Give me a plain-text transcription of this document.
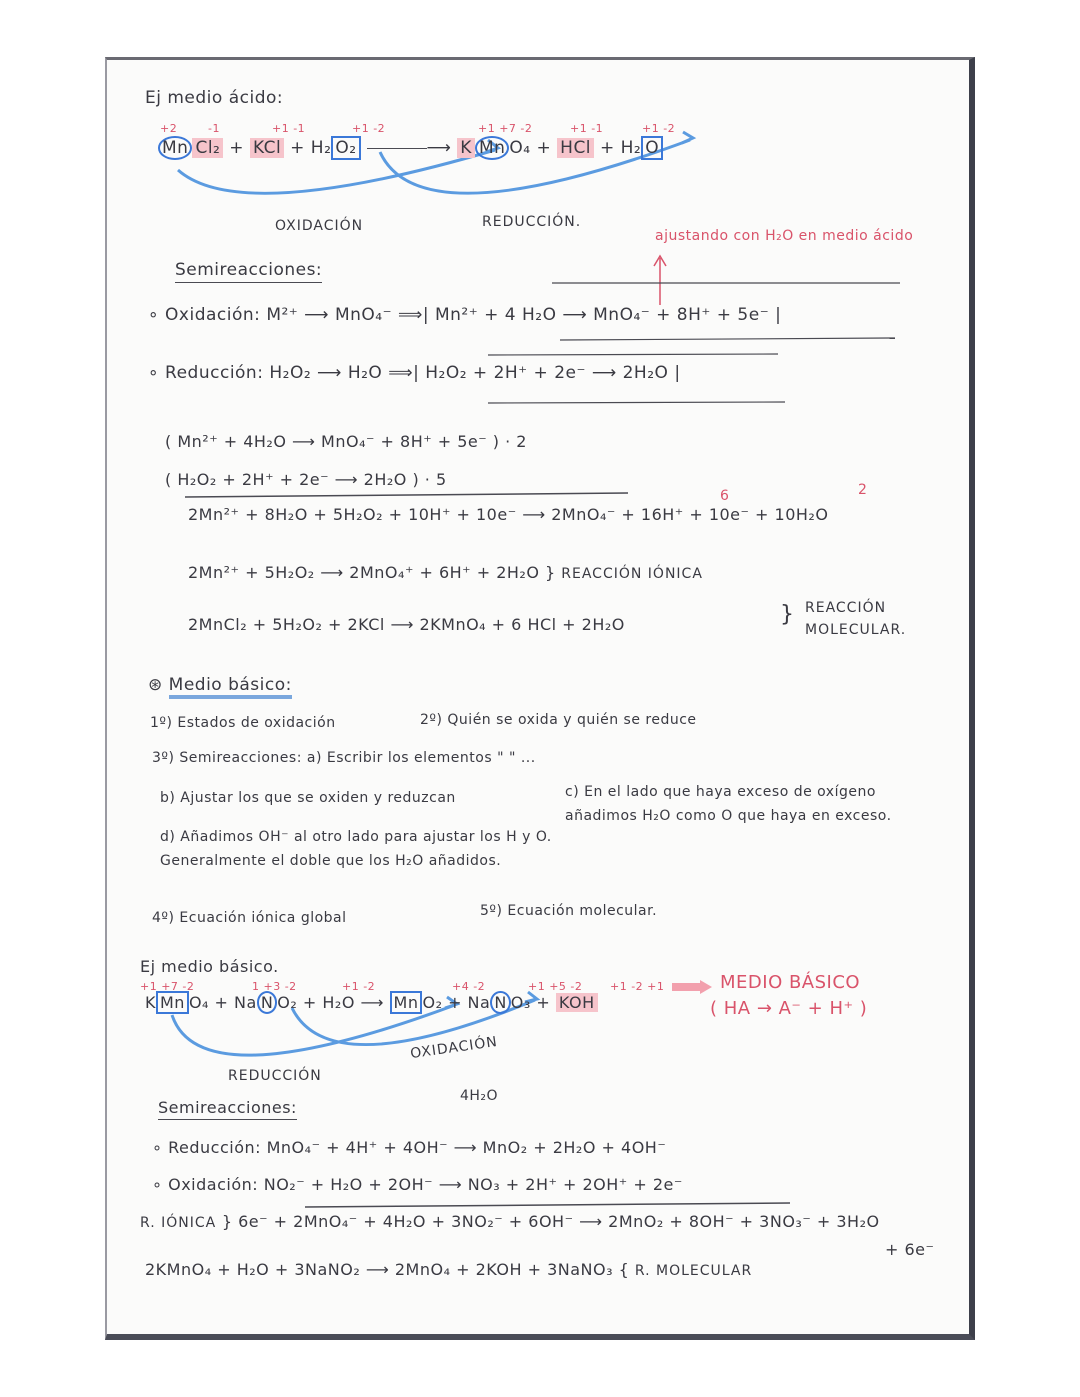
Ej medio ácido:
+2	-1	+1 -1	+1 -2	+1 +7 -2	+1 -1	+1 -2
Mn Cl₂ + KCl + H₂ O₂	⟶ K Mn O₄ + HCl + H₂ O
OXIDACIÓN	REDUCCIÓN.
ajustando con H₂O en medio ácido
Semireacciones:
∘ Oxidación: M²⁺ ⟶ MnO₄⁻ ⟹| Mn²⁺ + 4 H₂O ⟶ MnO₄⁻ + 8H⁺ + 5e⁻ |
∘ Reducción: H₂O₂ ⟶ H₂O ⟹| H₂O₂ + 2H⁺ + 2e⁻ ⟶ 2H₂O |
( Mn²⁺ + 4H₂O ⟶ MnO₄⁻ + 8H⁺ + 5e⁻ ) · 2
( H₂O₂ + 2H⁺ + 2e⁻ ⟶ 2H₂O ) · 5
6	2
2Mn²⁺ + 8H₂O + 5H₂O₂ + 10H⁺ + 10e⁻ ⟶ 2MnO₄⁻ + 16H⁺ + 10e⁻ + 10H₂O
2Mn²⁺ + 5H₂O₂ ⟶ 2MnO₄⁺ + 6H⁺ + 2H₂O } REACCIÓN IÓNICA
2MnCl₂ + 5H₂O₂ + 2KCl ⟶ 2KMnO₄ + 6 HCl + 2H₂O	} REACCIÓN
MOLECULAR.
⊛ Medio básico:
1º) Estados de oxidación	2º) Quién se oxida y quién se reduce
3º) Semireacciones: a) Escribir los elementos " " ...
b) Ajustar los que se oxiden y reduzcan	c) En el lado que haya exceso de oxígeno añadimos H₂O como O que haya en exceso.
d) Añadimos OH⁻ al otro lado para ajustar los H y O. Generalmente el doble que los H₂O añadidos.
4º) Ecuación iónica global	5º) Ecuación molecular.
Ej medio básico.
+1 +7 -2	1 +3 -2	+1 -2	+4 -2	+1 +5 -2	+1 -2 +1
K Mn O₄ + Na N O₂ + H₂O ⟶ Mn O₂ + Na N O₃ + KOH
MEDIO BÁSICO
( HA → A⁻ + H⁺ )
OXIDACIÓN
REDUCCIÓN
4H₂O
Semireacciones:
∘ Reducción: MnO₄⁻ + 4H⁺ + 4OH⁻ ⟶ MnO₂ + 2H₂O + 4OH⁻
∘ Oxidación: NO₂⁻ + H₂O + 2OH⁻ ⟶ NO₃ + 2H⁺ + 2OH⁺ + 2e⁻
R. IÓNICA } 6e⁻ + 2MnO₄⁻ + 4H₂O + 3NO₂⁻ + 6OH⁻ ⟶ 2MnO₂ + 8OH⁻ + 3NO₃⁻ + 3H₂O
+ 6e⁻
2KMnO₄ + H₂O + 3NaNO₂ ⟶ 2MnO₄ + 2KOH + 3NaNO₃ { R. MOLECULAR
